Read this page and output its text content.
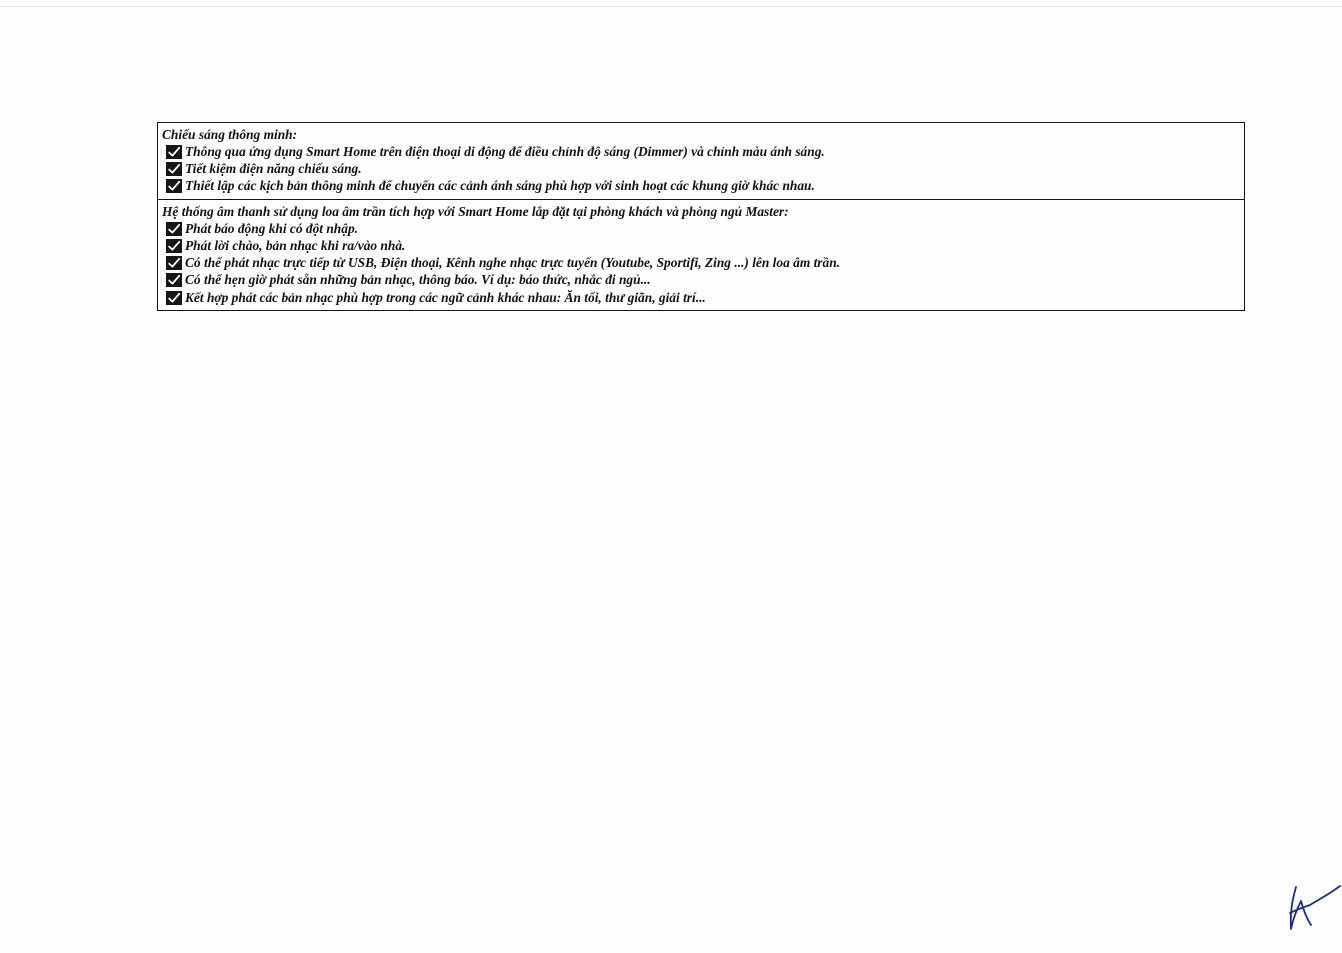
Chiếu sáng thông minh:
Thông qua ứng dụng Smart Home trên điện thoại di động để điều chỉnh độ sáng (Dimmer) và chỉnh màu ánh sáng.
Tiết kiệm điện năng chiếu sáng.
Thiết lập các kịch bản thông minh để chuyển các cảnh ánh sáng phù hợp với sinh hoạt các khung giờ khác nhau.
Hệ thống âm thanh sử dụng loa âm trần tích hợp với Smart Home lắp đặt tại phòng khách và phòng ngủ Master:
Phát báo động khi có đột nhập.
Phát lời chào, bản nhạc khi ra/vào nhà.
Có thể phát nhạc trực tiếp từ USB, Điện thoại, Kênh nghe nhạc trực tuyến (Youtube, Sportifi, Zing ...) lên loa âm trần.
Có thể hẹn giờ phát sẵn những bản nhạc, thông báo. Ví dụ: báo thức, nhắc đi ngủ...
Kết hợp phát các bản nhạc phù hợp trong các ngữ cảnh khác nhau: Ăn tối, thư giãn, giải trí...
